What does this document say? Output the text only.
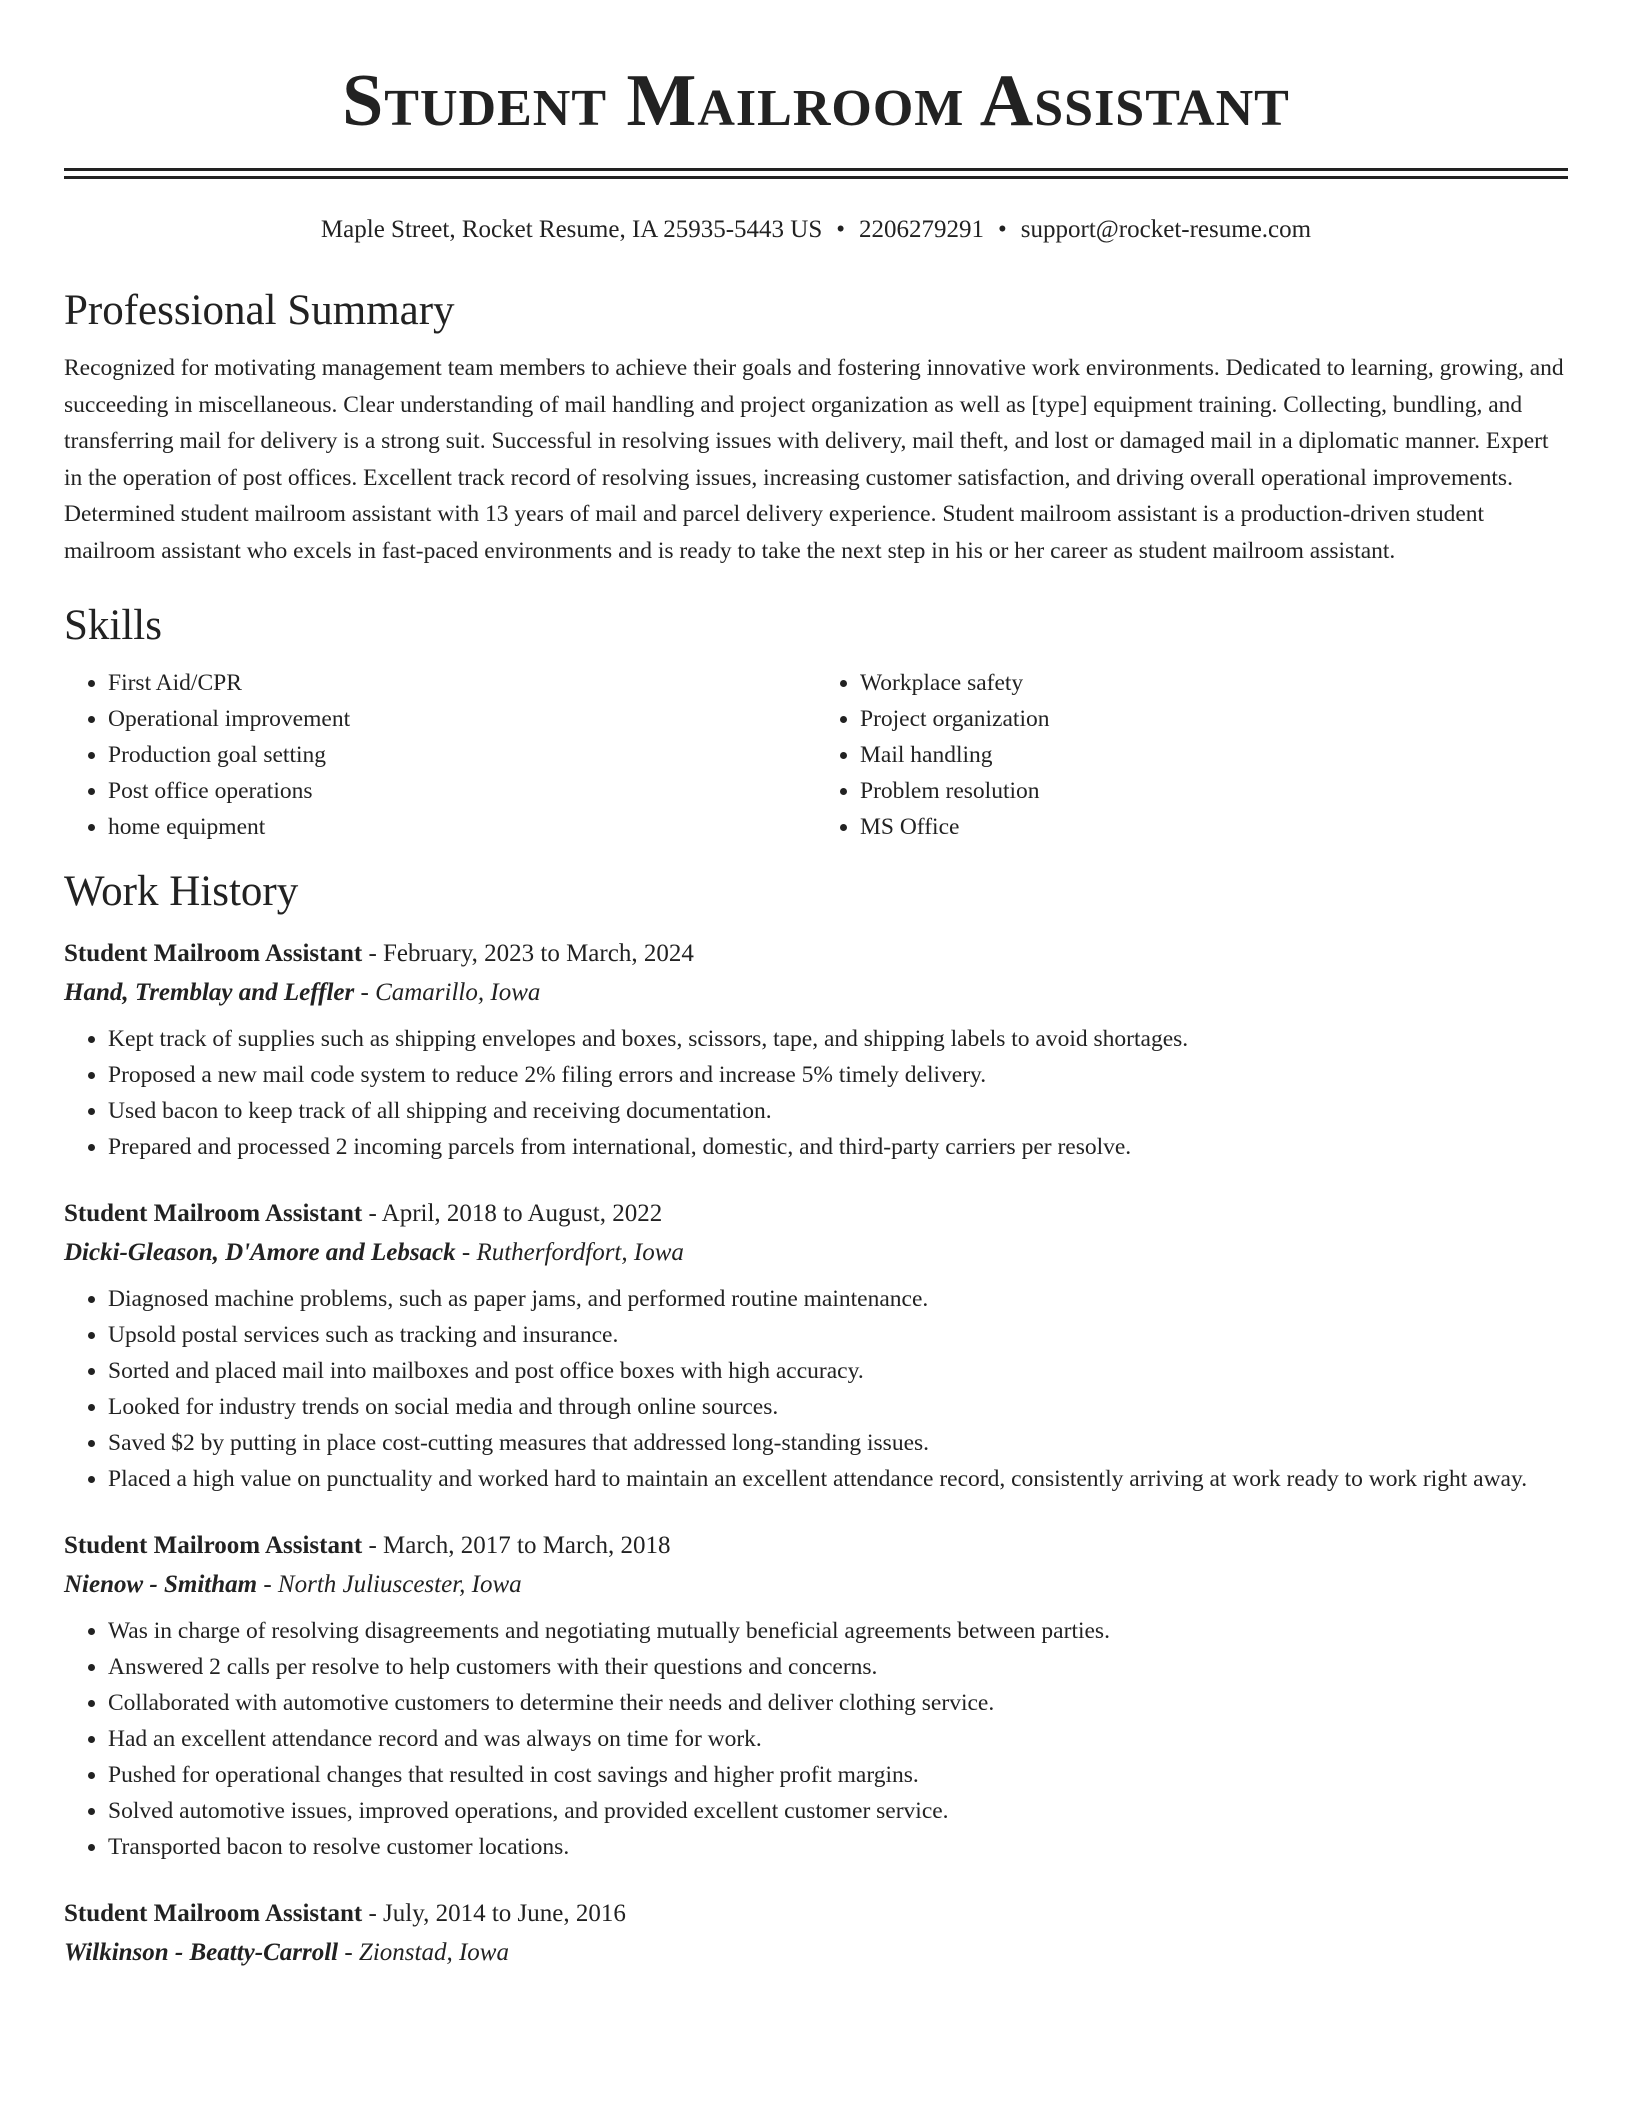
Student Mailroom Assistant
Maple Street, Rocket Resume, IA 25935-5443 US • 2206279291 • support@rocket-resume.com
Professional Summary

Recognized for motivating management team members to achieve their goals and fostering innovative work environments. Dedicated to learning, growing, and succeeding in miscellaneous. Clear understanding of mail handling and project organization as well as [type] equipment training. Collecting, bundling, and transferring mail for delivery is a strong suit. Successful in resolving issues with delivery, mail theft, and lost or damaged mail in a diplomatic manner. Expert in the operation of post offices. Excellent track record of resolving issues, increasing customer satisfaction, and driving overall operational improvements. Determined student mailroom assistant with 13 years of mail and parcel delivery experience. Student mailroom assistant is a production-driven student mailroom assistant who excels in fast-paced environments and is ready to take the next step in his or her career as student mailroom assistant.

Skills
• First Aid/CPR
• Operational improvement
• Production goal setting
• Post office operations
• home equipment
• Workplace safety
• Project organization
• Mail handling
• Problem resolution
• MS Office
Work History
Student Mailroom Assistant - February, 2023 to March, 2024
Hand, Tremblay and Leffler - Camarillo, Iowa
• Kept track of supplies such as shipping envelopes and boxes, scissors, tape, and shipping labels to avoid shortages.
• Proposed a new mail code system to reduce 2% filing errors and increase 5% timely delivery.
• Used bacon to keep track of all shipping and receiving documentation.
• Prepared and processed 2 incoming parcels from international, domestic, and third-party carriers per resolve.
Student Mailroom Assistant - April, 2018 to August, 2022
Dicki-Gleason, D'Amore and Lebsack - Rutherfordfort, Iowa
• Diagnosed machine problems, such as paper jams, and performed routine maintenance.
• Upsold postal services such as tracking and insurance.
• Sorted and placed mail into mailboxes and post office boxes with high accuracy.
• Looked for industry trends on social media and through online sources.
• Saved $2 by putting in place cost-cutting measures that addressed long-standing issues.
• Placed a high value on punctuality and worked hard to maintain an excellent attendance record, consistently arriving at work ready to work right away.
Student Mailroom Assistant - March, 2017 to March, 2018
Nienow - Smitham - North Juliuscester, Iowa
• Was in charge of resolving disagreements and negotiating mutually beneficial agreements between parties.
• Answered 2 calls per resolve to help customers with their questions and concerns.
• Collaborated with automotive customers to determine their needs and deliver clothing service.
• Had an excellent attendance record and was always on time for work.
• Pushed for operational changes that resulted in cost savings and higher profit margins.
• Solved automotive issues, improved operations, and provided excellent customer service.
• Transported bacon to resolve customer locations.
Student Mailroom Assistant - July, 2014 to June, 2016
Wilkinson - Beatty-Carroll - Zionstad, Iowa
